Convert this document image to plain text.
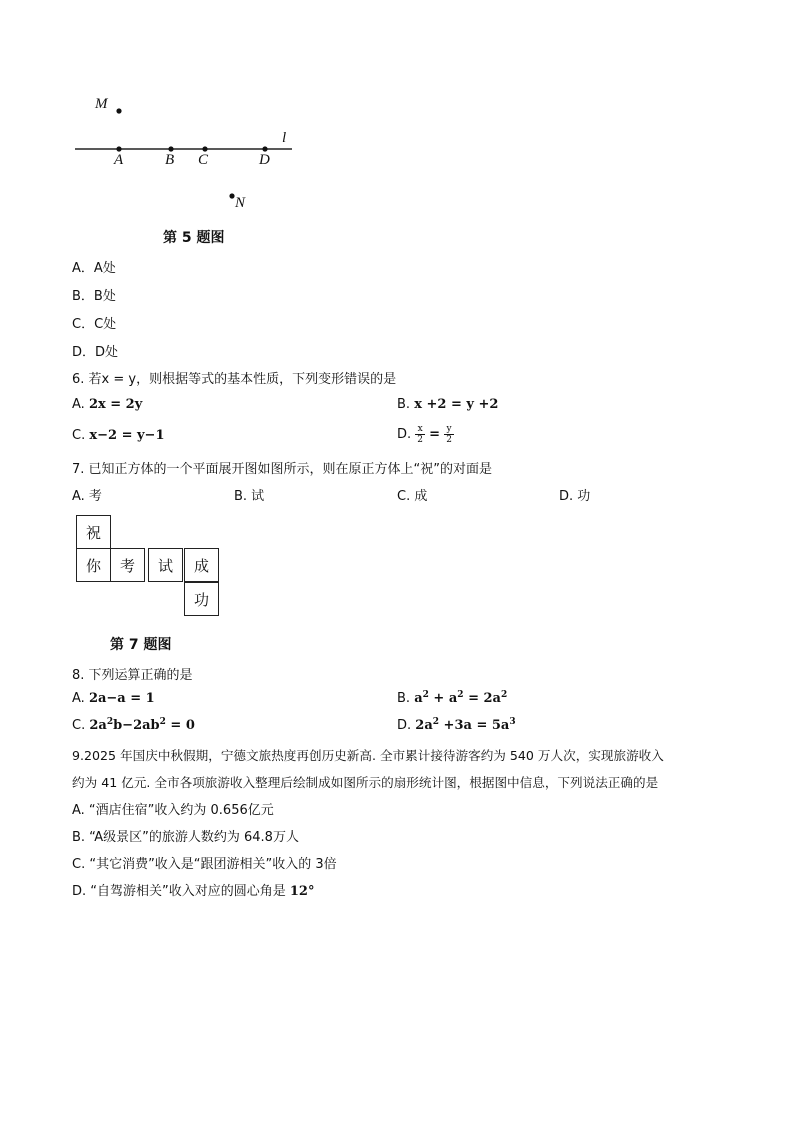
M
l
A	B C	D
N
第 5 题图
A．A处
B．B处
C．C处
D．D处
6. 若x = y，则根据等式的基本性质，下列变形错误的是
A. 2x = 2y	B. x +2 = y +2
C. x−2 = y−1	D. $\frac{x}{2} = \frac{y}{2}$
7. 已知正方体的一个平面展开图如图所示，则在原正方体上“祝”的对面是
A. 考	B. 试	C. 成	D. 功
祝
你	考	试	成
功
第 7 题图
8. 下列运算正确的是
A. 2a−a = 1	B. $a^2 + a^2 = 2a^2$
C. $2a^2b-2ab^2 = 0$	D. $2a^2 +3a = 5a^3$
9.2025 年国庆中秋假期，宁德文旅热度再创历史新高. 全市累计接待游客约为 540 万人次，实现旅游收入
约为 41 亿元. 全市各项旅游收入整理后绘制成如图所示的扇形统计图，根据图中信息，下列说法正确的是
A. “酒店住宿”收入约为 0.656亿元
B. “A级景区”的旅游人数约为 64.8万人
C. “其它消费”收入是“跟团游相关”收入的 3倍
D. “自驾游相关”收入对应的圆心角是 12°
